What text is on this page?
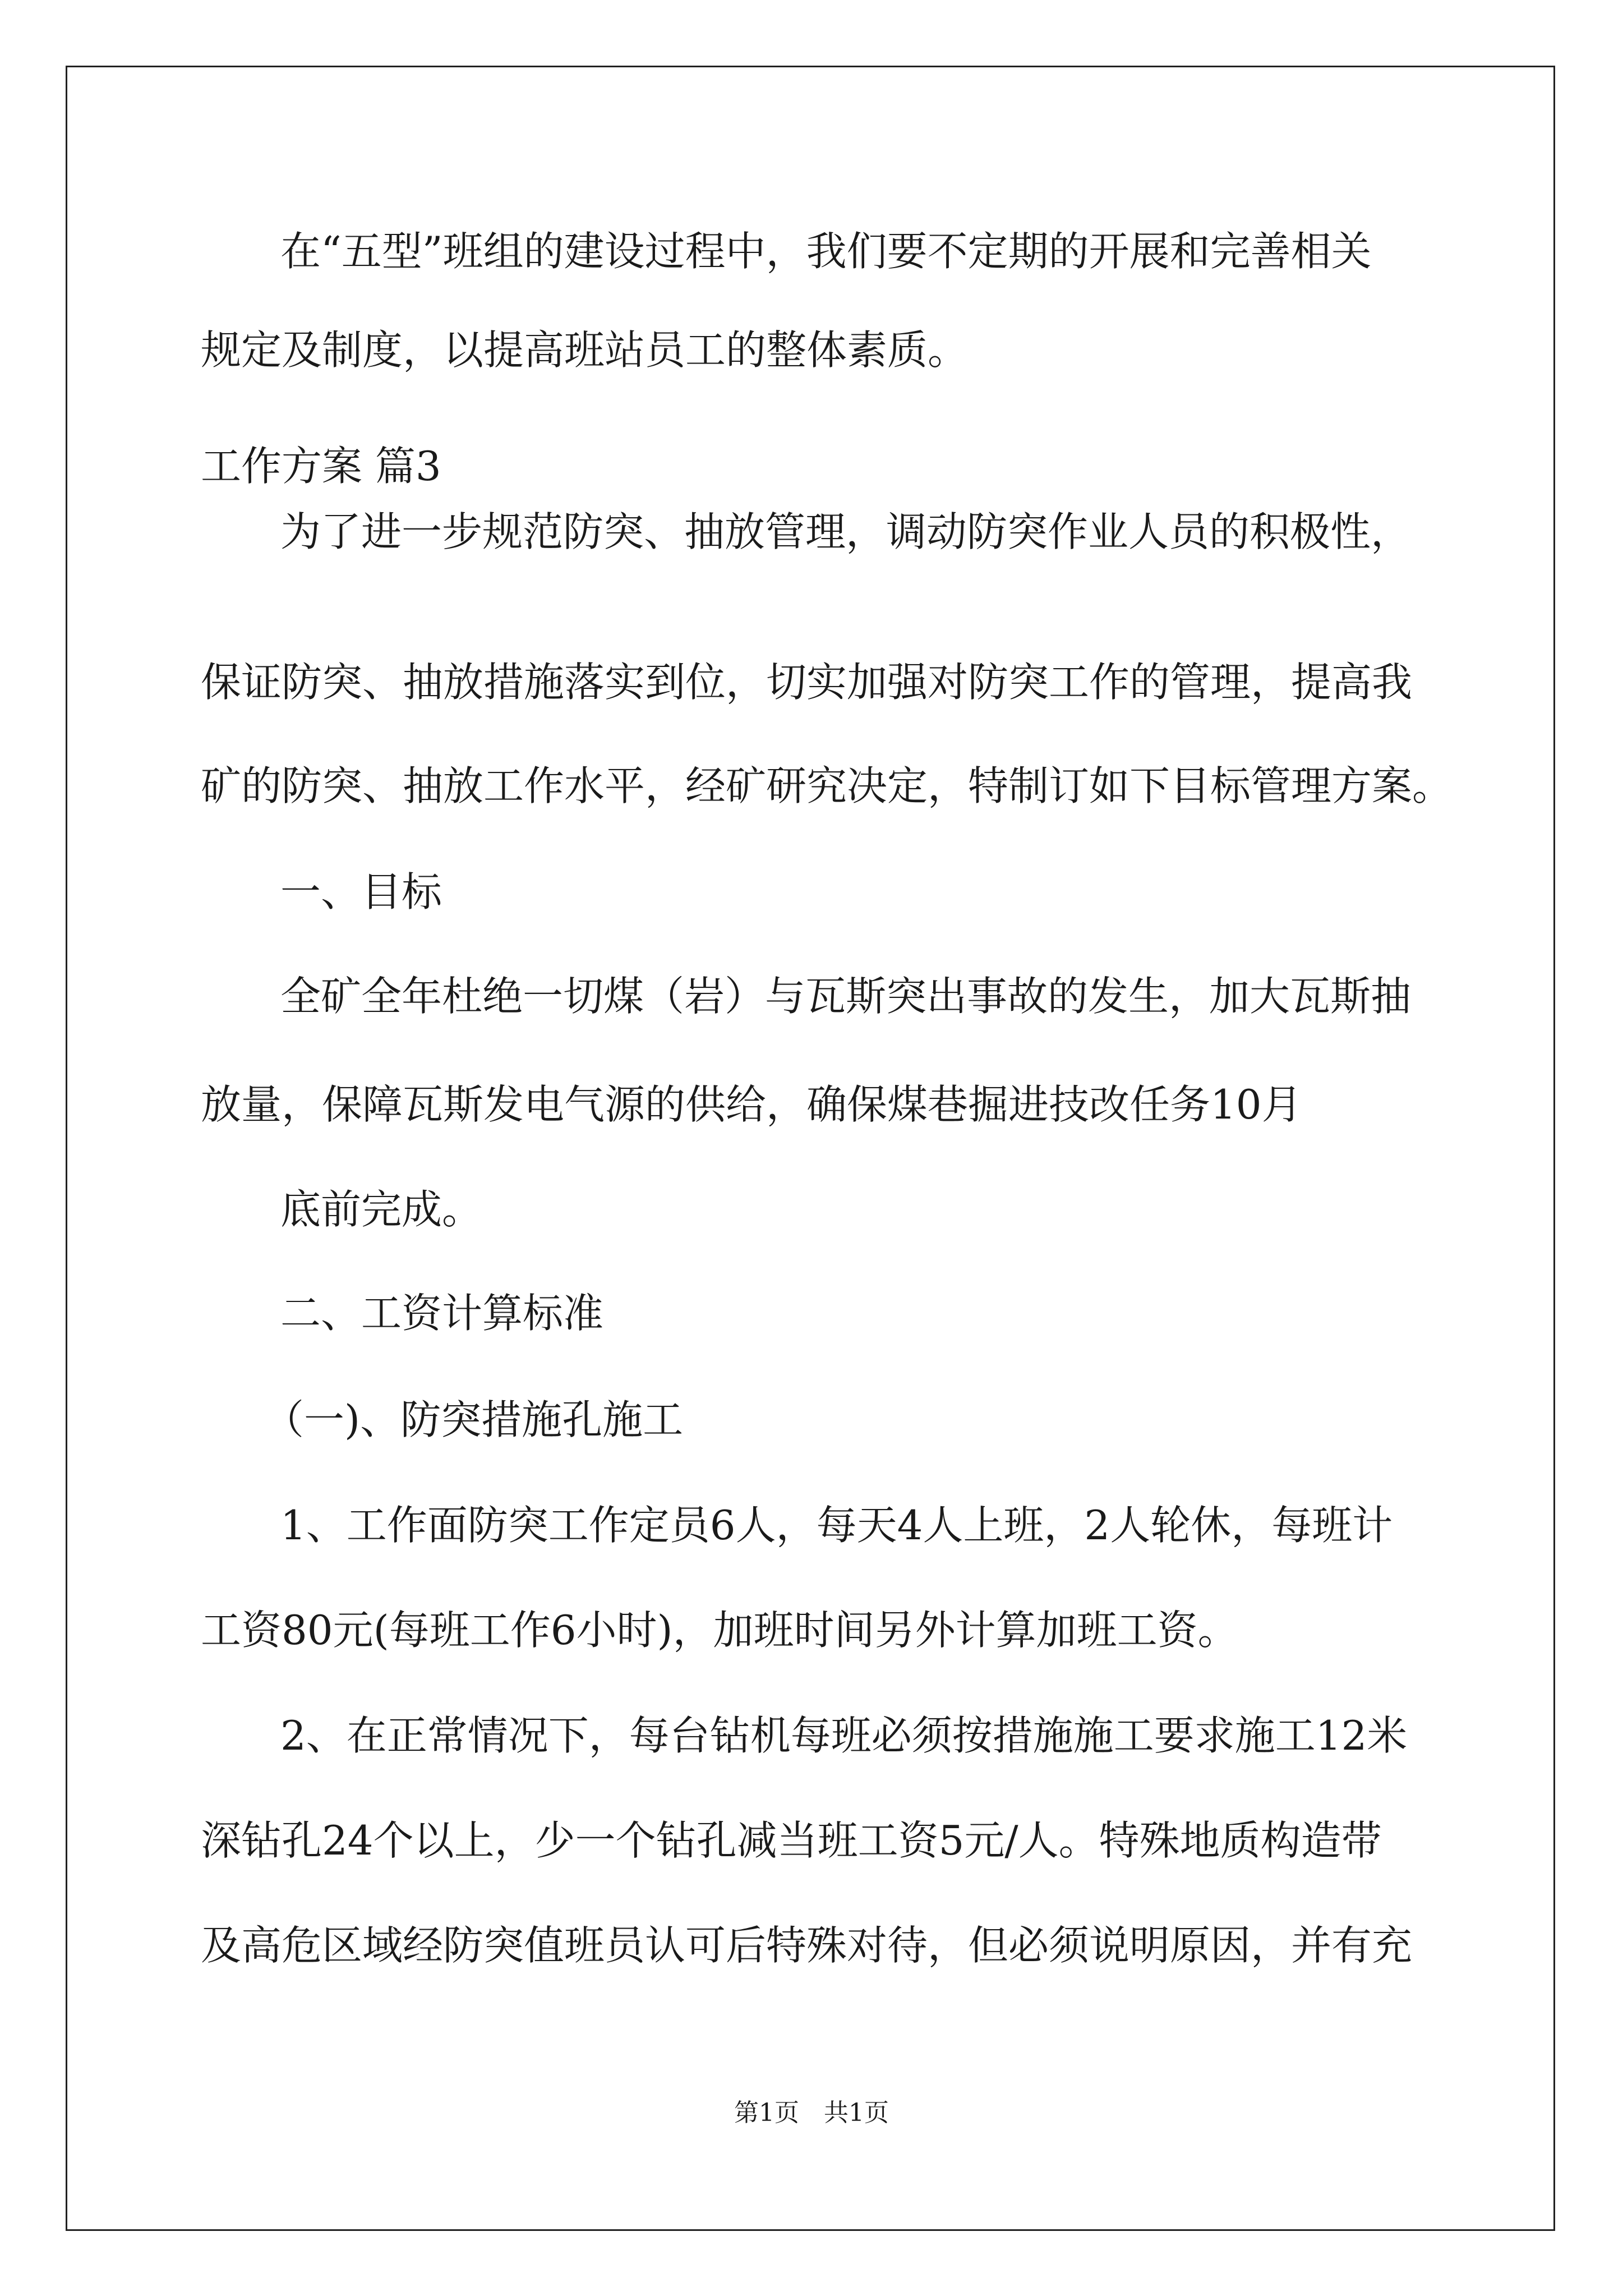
在“五型”班组的建设过程中，我们要不定期的开展和完善相关
规定及制度，以提高班站员工的整体素质。
工作方案 篇3
为了进一步规范防突、抽放管理，调动防突作业人员的积极性，
保证防突、抽放措施落实到位，切实加强对防突工作的管理，提高我
矿的防突、抽放工作水平，经矿研究决定，特制订如下目标管理方案。
一、目标
全矿全年杜绝一切煤（岩）与瓦斯突出事故的发生，加大瓦斯抽
放量，保障瓦斯发电气源的供给，确保煤巷掘进技改任务10月
底前完成。
二、工资计算标准
（一)、防突措施孔施工
1、工作面防突工作定员6人，每天4人上班，2人轮休，每班计
工资80元(每班工作6小时)，加班时间另外计算加班工资。
2、在正常情况下，每台钻机每班必须按措施施工要求施工12米
深钻孔24个以上，少一个钻孔减当班工资5元/人。特殊地质构造带
及高危区域经防突值班员认可后特殊对待，但必须说明原因，并有充
第1页　共1页
